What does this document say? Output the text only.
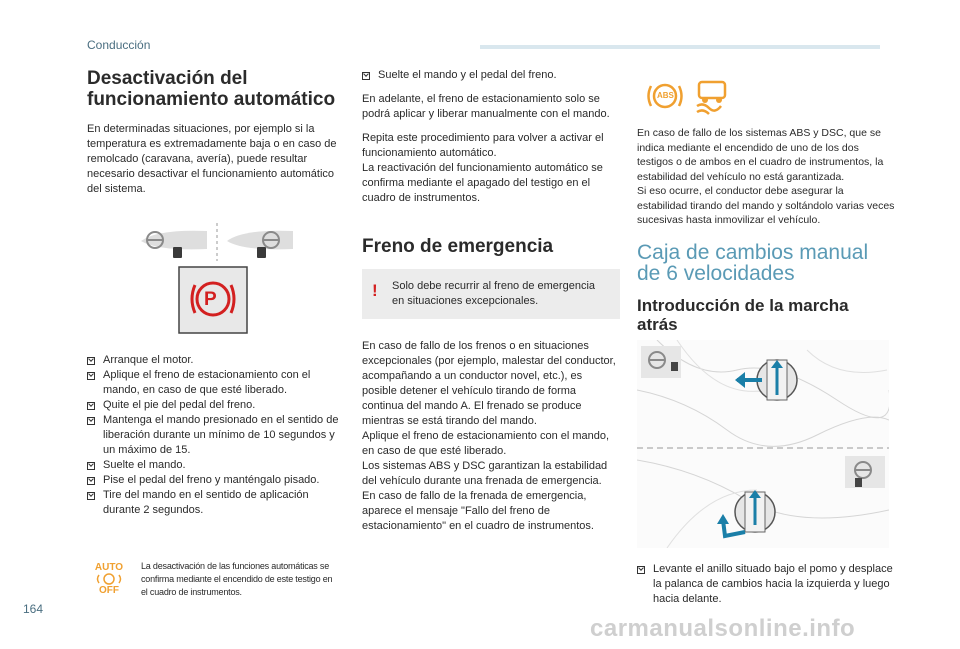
Conducción
Desactivación del funcionamiento automático

En determinadas situaciones, por ejemplo si la temperatura es extremadamente baja o en caso de remolcado (caravana, avería), puede resultar necesario desactivar el funcionamiento automático del sistema.

P
Arranque el motor.
Aplique el freno de estacionamiento con el mando, en caso de que esté liberado.
Quite el pie del pedal del freno.
Mantenga el mando presionado en el sentido de liberación durante un mínimo de 10 segundos y un máximo de 15.
Suelte el mando.
Pise el pedal del freno y manténgalo pisado.
Tire del mando en el sentido de aplicación durante 2 segundos.
AUTO
OFF
La desactivación de las funciones automáticas se confirma mediante el encendido de este testigo en el cuadro de instrumentos.
Suelte el mando y el pedal del freno.

En adelante, el freno de estacionamiento solo se podrá aplicar y liberar manualmente con el mando.

Repita este procedimiento para volver a activar el funcionamiento automático.

La reactivación del funcionamiento automático se confirma mediante el apagado del testigo en el cuadro de instrumentos.

Freno de emergencia
! Solo debe recurrir al freno de emergencia en situaciones excepcionales.

En caso de fallo de los frenos o en situaciones excepcionales (por ejemplo, malestar del conductor, acompañando a un conductor novel, etc.), es posible detener el vehículo tirando de forma continua del mando A. El frenado se produce mientras se está tirando del mando.

Aplique el freno de estacionamiento con el mando, en caso de que esté liberado.

Los sistemas ABS y DSC garantizan la estabilidad del vehículo durante una frenada de emergencia.

En caso de fallo de la frenada de emergencia, aparece el mensaje "Fallo del freno de estacionamiento" en el cuadro de instrumentos.

ABS

En caso de fallo de los sistemas ABS y DSC, que se indica mediante el encendido de uno de los dos testigos o de ambos en el cuadro de instrumentos, la estabilidad del vehículo no está garantizada.

Si eso ocurre, el conductor debe asegurar la estabilidad tirando del mando y soltándolo varias veces sucesivas hasta inmovilizar el vehículo.

Caja de cambios manual de 6 velocidades
Introducción de la marcha atrás
Levante el anillo situado bajo el pomo y desplace la palanca de cambios hacia la izquierda y luego hacia delante.
164
carmanualsonline.info
